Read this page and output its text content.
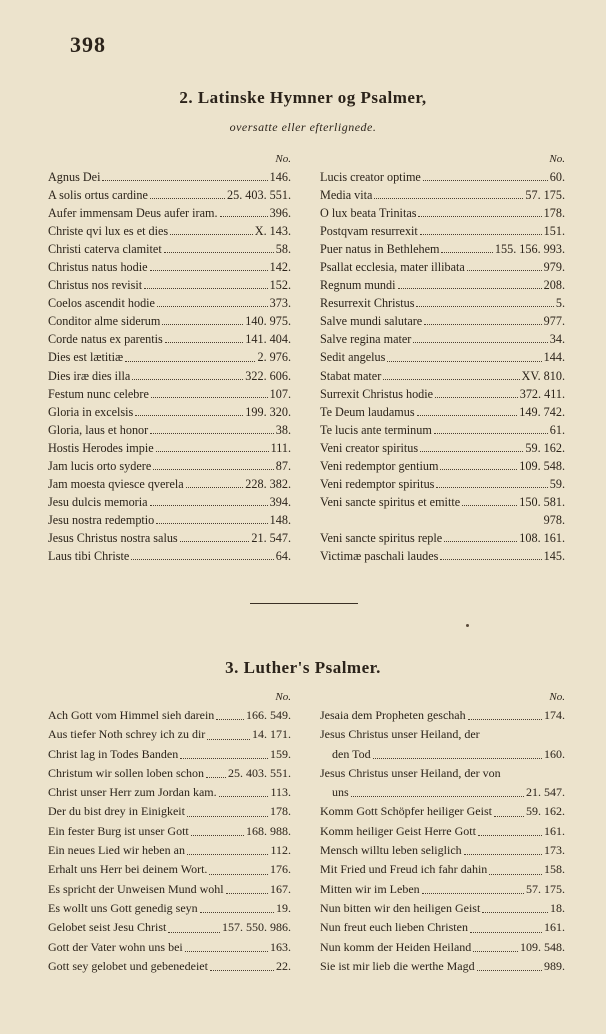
398
2. Latinske Hymner og Psalmer,
oversatte eller efterlignede.
No.
Agnus Dei	146.
A solis ortus cardine	25. 403. 551.
Aufer immensam Deus aufer iram.	396.
Christe qvi lux es et dies	X. 143.
Christi caterva clamitet	58.
Christus natus hodie	142.
Christus nos revisit	152.
Coelos ascendit hodie	373.
Conditor alme siderum	140. 975.
Corde natus ex parentis	141. 404.
Dies est lætitiæ	2. 976.
Dies iræ dies illa	322. 606.
Festum nunc celebre	107.
Gloria in excelsis	199. 320.
Gloria, laus et honor	38.
Hostis Herodes impie	111.
Jam lucis orto sydere	87.
Jam moesta qviesce qverela	228. 382.
Jesu dulcis memoria	394.
Jesu nostra redemptio	148.
Jesus Christus nostra salus	21. 547.
Laus tibi Christe	64.
No.
Lucis creator optime	60.
Media vita	57. 175.
O lux beata Trinitas	178.
Postqvam resurrexit	151.
Puer natus in Bethlehem	155. 156. 993.
Psallat ecclesia, mater illibata	979.
Regnum mundi	208.
Resurrexit Christus	5.
Salve mundi salutare	977.
Salve regina mater	34.
Sedit angelus	144.
Stabat mater	XV. 810.
Surrexit Christus hodie	372. 411.
Te Deum laudamus	149. 742.
Te lucis ante terminum	61.
Veni creator spiritus	59. 162.
Veni redemptor gentium	109. 548.
Veni redemptor spiritus	59.
Veni sancte spiritus et emitte	150. 581.
978.
Veni sancte spiritus reple	108. 161.
Victimæ paschali laudes	145.
3. Luther's Psalmer.
No.
Ach Gott vom Himmel sieh darein	166. 549.
Aus tiefer Noth schrey ich zu dir	14. 171.
Christ lag in Todes Banden	159.
Christum wir sollen loben schon 25. 403. 551.
Christ unser Herr zum Jordan kam.	113.
Der du bist drey in Einigkeit	178.
Ein fester Burg ist unser Gott	168. 988.
Ein neues Lied wir heben an	112.
Erhalt uns Herr bei deinem Wort.	176.
Es spricht der Unweisen Mund wohl	167.
Es wollt uns Gott genedig seyn	19.
Gelobet seist Jesu Christ	157. 550. 986.
Gott der Vater wohn uns bei	163.
Gott sey gelobet und gebenedeiet	22.
No.
Jesaia dem Propheten geschah	174.
Jesus Christus unser Heiland, der
den Tod	160.
Jesus Christus unser Heiland, der von
uns	21. 547.
Komm Gott Schöpfer heiliger Geist	59. 162.
Komm heiliger Geist Herre Gott	161.
Mensch willtu leben seliglich	173.
Mit Fried und Freud ich fahr dahin	158.
Mitten wir im Leben	57. 175.
Nun bitten wir den heiligen Geist	18.
Nun freut euch lieben Christen	161.
Nun komm der Heiden Heiland	109. 548.
Sie ist mir lieb die werthe Magd	989.
